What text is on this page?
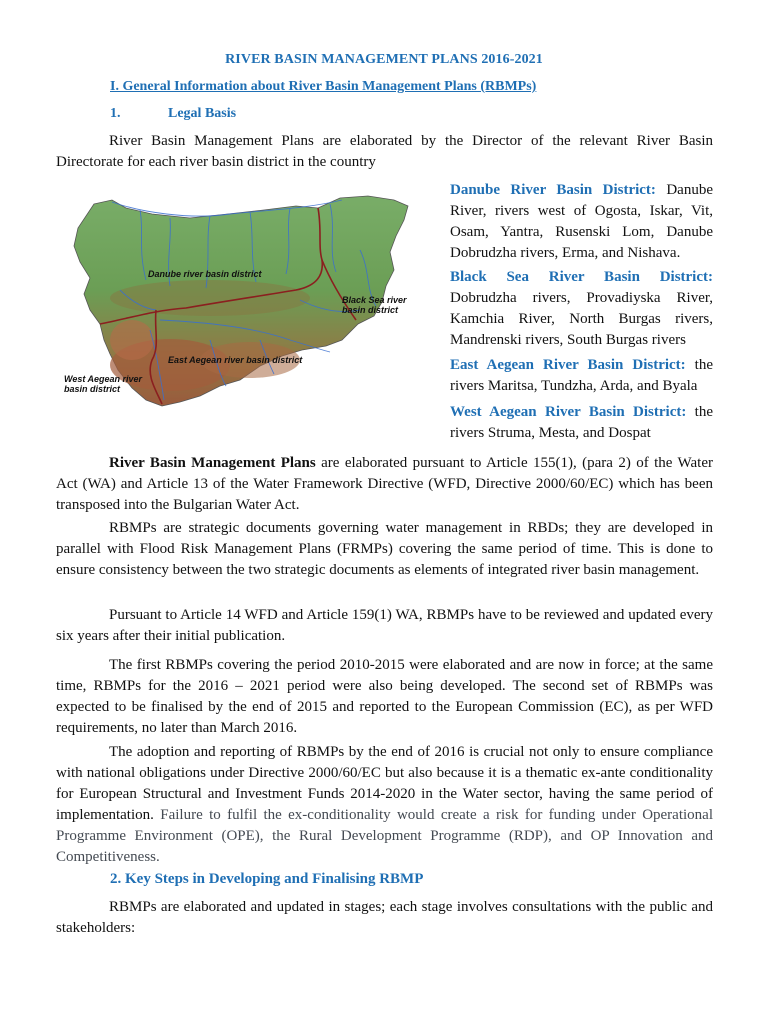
RIVER BASIN MANAGEMENT PLANS 2016-2021
I. General Information about River Basin Management Plans (RBMPs)
1.	Legal Basis

River Basin Management Plans are elaborated by the Director of the relevant River Basin Directorate for each river basin district in the country

Danube river basin district
Black Sea river
basin district
East Aegean river basin district
West Aegean river
basin district

Danube River Basin District: Danube River, rivers west of Ogosta, Iskar, Vit, Osam, Yantra, Rusenski Lom, Danube Dobrudzha rivers, Erma, and Nishava.

Black Sea River Basin District: Dobrudzha rivers, Provadiyska River, Kamchia River, North Burgas rivers, Mandrenski rivers, South Burgas rivers

East Aegean River Basin District: the rivers Maritsa, Tundzha, Arda, and Byala

West Aegean River Basin District: the rivers Struma, Mesta, and Dospat

River Basin Management Plans are elaborated pursuant to Article 155(1), (para 2) of the Water Act (WA) and Article 13 of the Water Framework Directive (WFD, Directive 2000/60/EC) which has been transposed into the Bulgarian Water Act.

RBMPs are strategic documents governing water management in RBDs; they are developed in parallel with Flood Risk Management Plans (FRMPs) covering the same period of time. This is done to ensure consistency between the two strategic documents as elements of integrated river basin management.

Pursuant to Article 14 WFD and Article 159(1) WA, RBMPs have to be reviewed and updated every six years after their initial publication.

The first RBMPs covering the period 2010-2015 were elaborated and are now in force; at the same time, RBMPs for the 2016 – 2021 period were also being developed. The second set of RBMPs was expected to be finalised by the end of 2015 and reported to the European Commission (EC), as per WFD requirements, no later than March 2016.

The adoption and reporting of RBMPs by the end of 2016 is crucial not only to ensure compliance with national obligations under Directive 2000/60/EC but also because it is a thematic ex-ante conditionality for European Structural and Investment Funds 2014-2020 in the Water sector, having the same period of implementation. Failure to fulfil the ex-conditionality would create a risk for funding under Operational Programme Environment (OPE), the Rural Development Programme (RDP), and OP Innovation and Competitiveness.

2. Key Steps in Developing and Finalising RBMP

RBMPs are elaborated and updated in stages; each stage involves consultations with the public and stakeholders:
